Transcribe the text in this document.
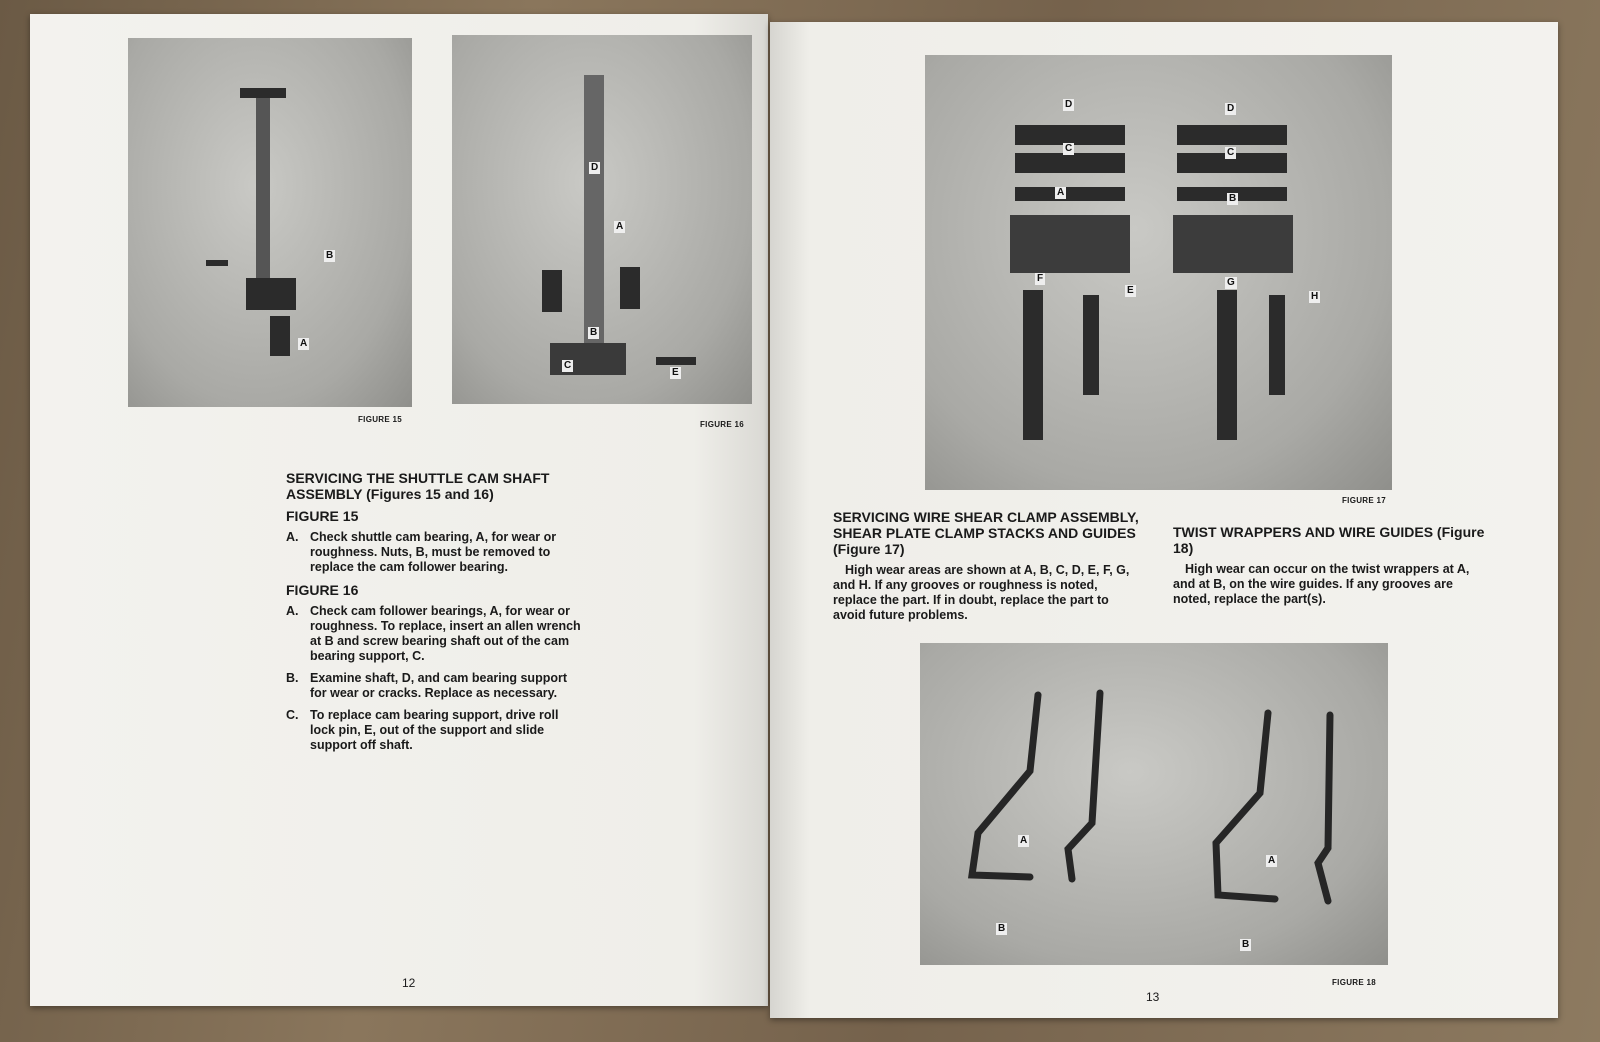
B
A
FIGURE 15
D
A
B
C
E
FIGURE 16
SERVICING THE SHUTTLE CAM SHAFT ASSEMBLY (Figures 15 and 16)
FIGURE 15
A. Check shuttle cam bearing, A, for wear or roughness. Nuts, B, must be removed to replace the cam follower bearing.
FIGURE 16
A. Check cam follower bearings, A, for wear or roughness. To replace, insert an allen wrench at B and screw bearing shaft out of the cam bearing support, C.
B. Examine shaft, D, and cam bearing support for wear or cracks. Replace as necessary.
C. To replace cam bearing support, drive roll lock pin, E, out of the support and slide support off shaft.
12
D
C
A
F
E
D
C
B
G
H
FIGURE 17
SERVICING WIRE SHEAR CLAMP ASSEMBLY, SHEAR PLATE CLAMP STACKS AND GUIDES (Figure 17)

High wear areas are shown at A, B, C, D, E, F, G, and H. If any grooves or roughness is noted, replace the part. If in doubt, replace the part to avoid future problems.

TWIST WRAPPERS AND WIRE GUIDES (Figure 18)

High wear can occur on the twist wrappers at A, and at B, on the wire guides. If any grooves are noted, replace the part(s).

A
B
A
B
FIGURE 18
13
